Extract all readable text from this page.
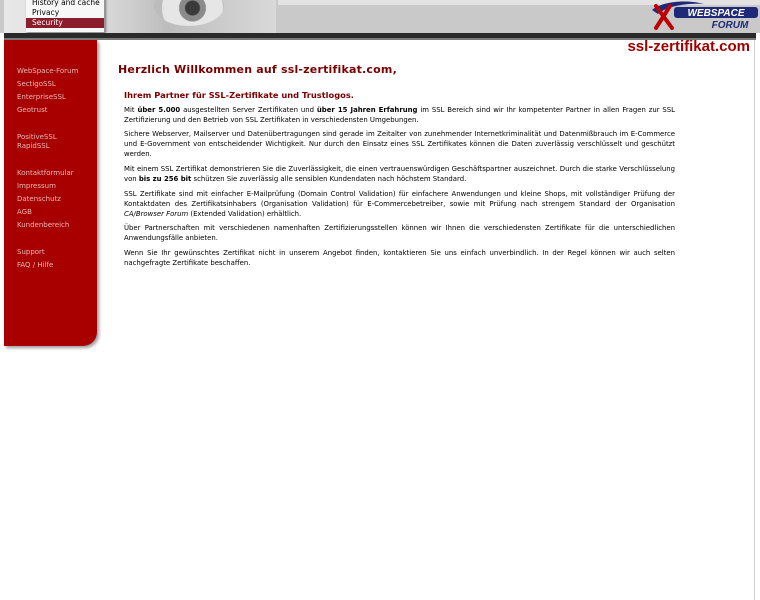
History and cache
Privacy
Security
WEBSPACE
FORUM
ssl-zertifikat.com
WebSpace-Forum
SectigoSSL
EnterpriseSSL
Geotrust
PositiveSSL
RapidSSL
Kontaktformular
Impressum
Datenschutz
AGB
Kundenbereich
Support
FAQ / Hilfe
Herzlich Willkommen auf ssl-zertifikat.com,
Ihrem Partner für SSL-Zertifikate und Trustlogos.

Mit über 5.000 ausgestellten Server Zertifikaten und über 15 Jahren Erfahrung im SSL Bereich sind wir Ihr kompetenter Partner in allen Fragen zur SSL Zertifizierung und den Betrieb von SSL Zertifikaten in verschiedensten Umgebungen.

Sichere Webserver, Mailserver und Datenübertragungen sind gerade im Zeitalter von zunehmender Internetkriminalität und Datenmißbrauch im E-Commerce und E-Government von entscheidender Wichtigkeit. Nur durch den Einsatz eines SSL Zertifikates können die Daten zuverlässig verschlüsselt und geschützt werden.

Mit einem SSL Zertifikat demonstrieren Sie die Zuverlässigkeit, die einen vertrauenswürdigen Geschäftspartner auszeichnet. Durch die starke Verschlüsselung von bis zu 256 bit schützen Sie zuverlässig alle sensiblen Kundendaten nach höchstem Standard.

SSL Zertifikate sind mit einfacher E-Mailprüfung (Domain Control Validation) für einfachere Anwendungen und kleine Shops, mit vollständiger Prüfung der Kontaktdaten des Zertifikatsinhabers (Organisation Validation) für E-Commercebetreiber, sowie mit Prüfung nach strengem Standard der Organisation CA/Browser Forum (Extended Validation) erhältlich.

Über Partnerschaften mit verschiedenen namenhaften Zertifizierungsstellen können wir Ihnen die verschiedensten Zertifikate für die unterschiedlichen Anwendungsfälle anbieten.

Wenn Sie Ihr gewünschtes Zertifikat nicht in unserem Angebot finden, kontaktieren Sie uns einfach unverbindlich. In der Regel können wir auch selten nachgefragte Zertifikate beschaffen.
